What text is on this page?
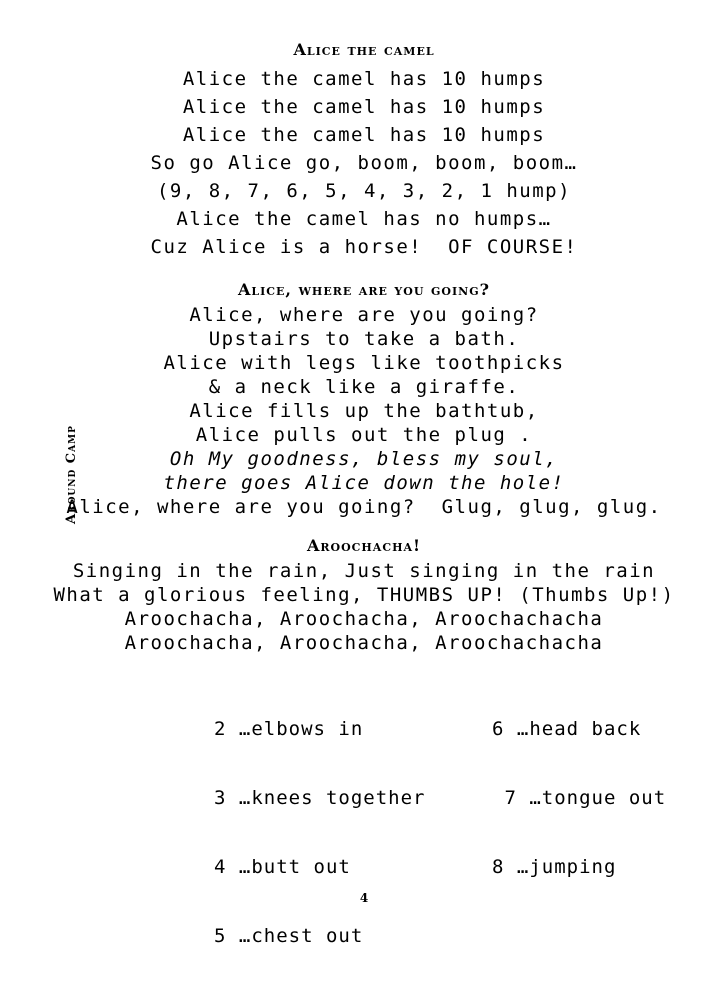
Around Camp
Alice the camel
Alice the camel has 10 humps
Alice the camel has 10 humps
Alice the camel has 10 humps
So go Alice go, boom, boom, boom…
(9, 8, 7, 6, 5, 4, 3, 2, 1 hump)
Alice the camel has no humps…
Cuz Alice is a horse!  OF COURSE!
Alice, where are you going?
Alice, where are you going?
Upstairs to take a bath.
Alice with legs like toothpicks
& a neck like a giraffe.
Alice fills up the bathtub,
Alice pulls out the plug .
Oh My goodness, bless my soul,
there goes Alice down the hole!
Alice, where are you going?  Glug, glug, glug.
Aroochacha!
Singing in the rain, Just singing in the rain
What a glorious feeling, THUMBS UP! (Thumbs Up!)
Aroochacha, Aroochacha, Aroochachacha
Aroochacha, Aroochacha, Aroochachacha

2 …elbows in

3 …knees together

4 …butt out

5 …chest out

6 …head back

7 …tongue out

8 …jumping

4
